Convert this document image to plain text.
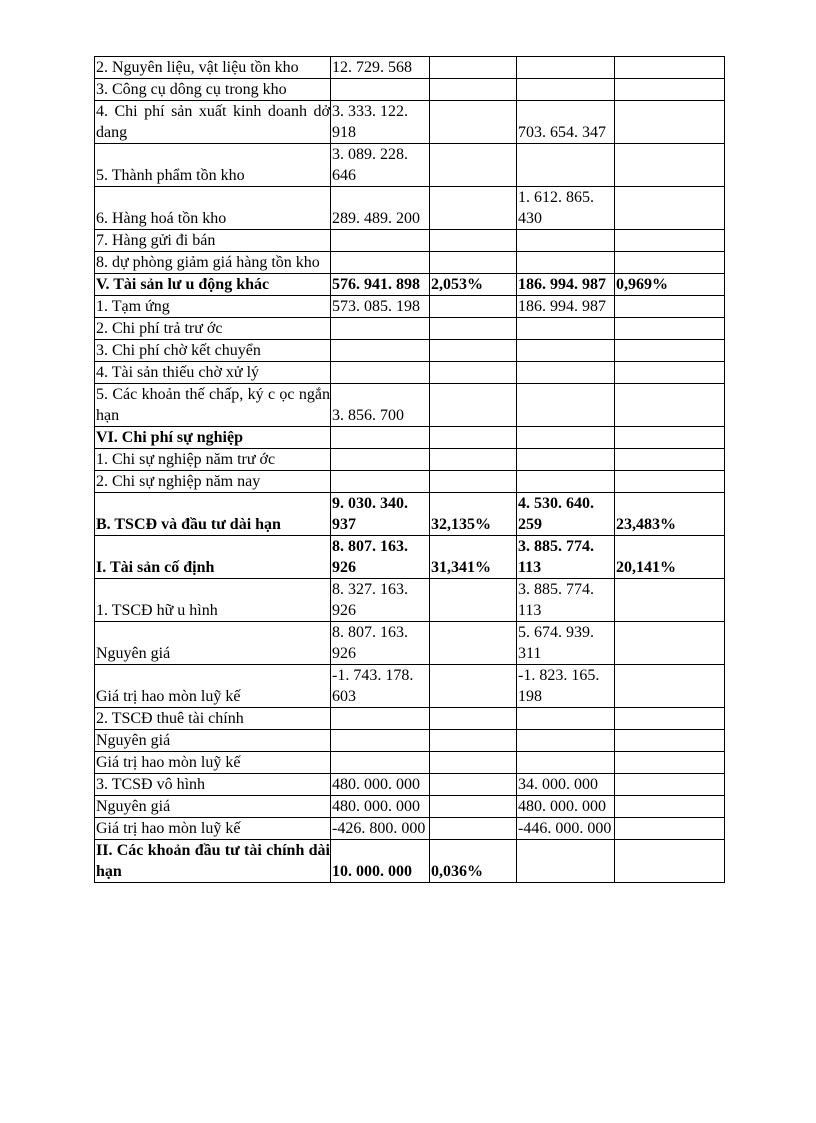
2. Nguyên liệu, vật liệu tồn kho	12. 729. 568			
3. Công cụ dông cụ trong kho				
4. Chi phí sản xuất kinh doanh dở dang	3. 333. 122. 918		703. 654. 347	
5. Thành phẩm tồn kho	3. 089. 228. 646			
6. Hàng hoá tồn kho	289. 489. 200		1. 612. 865. 430	
7. Hàng gửi đi bán				
8. dự phòng giảm giá hàng tồn kho				
V. Tài sản lư u động khác	576. 941. 898	2,053%	186. 994. 987	0,969%
1. Tạm ứng	573. 085. 198		186. 994. 987	
2. Chi phí trả trư ớc				
3. Chi phí chờ kết chuyển				
4. Tài sản thiếu chờ xử lý				
5. Các khoản thế chấp, ký c ọc ngắn hạn	3. 856. 700			
VI. Chi phí sự nghiệp				
1. Chi sự nghiệp năm trư ớc				
2. Chi sự nghiệp năm nay				
B. TSCĐ và đầu tư dài hạn	9. 030. 340. 937	32,135%	4. 530. 640. 259	23,483%
I. Tài sản cố định	8. 807. 163. 926	31,341%	3. 885. 774. 113	20,141%
1. TSCĐ hữ u hình	8. 327. 163. 926		3. 885. 774. 113	
Nguyên giá	8. 807. 163. 926		5. 674. 939. 311	
Giá trị hao mòn luỹ kế	-1. 743. 178. 603		-1. 823. 165. 198	
2. TSCĐ thuê tài chính				
Nguyên giá				
Giá trị hao mòn luỹ kế				
3. TCSĐ vô hình	480. 000. 000		34. 000. 000	
Nguyên giá	480. 000. 000		480. 000. 000	
Giá trị hao mòn luỹ kế	-426. 800. 000		-446. 000. 000	
II. Các khoản đầu tư tài chính dài hạn	10. 000. 000	0,036%		
